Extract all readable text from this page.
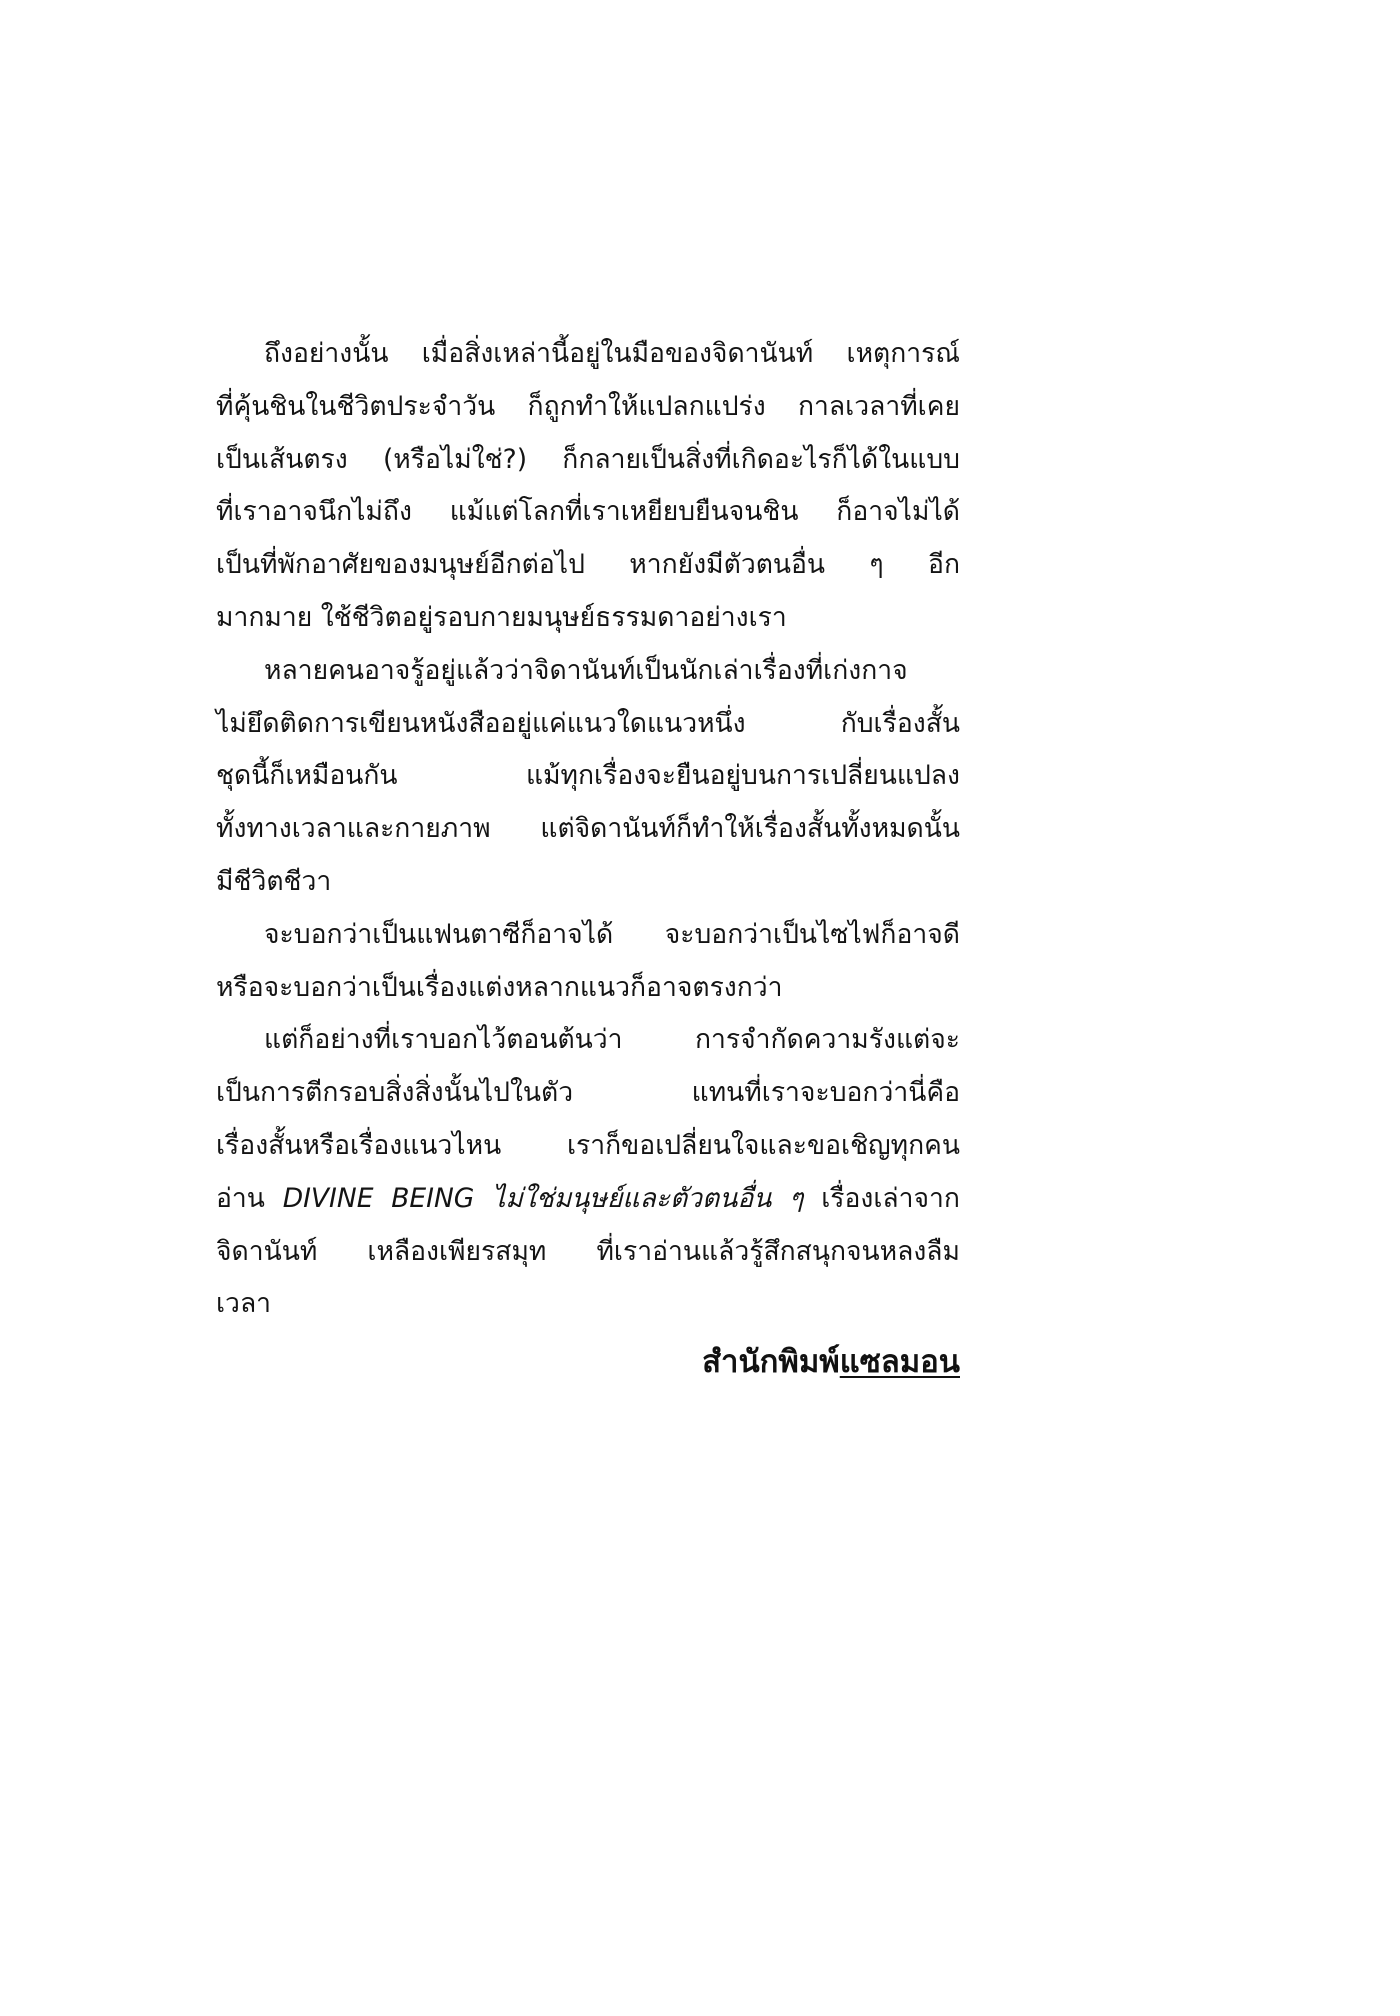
ถึงอย่างนั้น เมื่อสิ่งเหล่านี้อยู่ในมือของจิดานันท์ เหตุการณ์
ที่คุ้นชินในชีวิตประจำวัน ก็ถูกทำให้แปลกแปร่ง กาลเวลาที่เคย
เป็นเส้นตรง (หรือไม่ใช่?) ก็กลายเป็นสิ่งที่เกิดอะไรก็ได้ในแบบ
ที่เราอาจนึกไม่ถึง แม้แต่โลกที่เราเหยียบยืนจนชิน ก็อาจไม่ได้
เป็นที่พักอาศัยของมนุษย์อีกต่อไป หากยังมีตัวตนอื่น ๆ อีก
มากมาย ใช้ชีวิตอยู่รอบกายมนุษย์ธรรมดาอย่างเรา
หลายคนอาจรู้อยู่แล้วว่าจิดานันท์เป็นนักเล่าเรื่องที่เก่งกาจ
ไม่ยึดติดการเขียนหนังสืออยู่แค่แนวใดแนวหนึ่ง กับเรื่องสั้น
ชุดนี้ก็เหมือนกัน แม้ทุกเรื่องจะยืนอยู่บนการเปลี่ยนแปลง
ทั้งทางเวลาและกายภาพ แต่จิดานันท์ก็ทำให้เรื่องสั้นทั้งหมดนั้น
มีชีวิตชีวา
จะบอกว่าเป็นแฟนตาซีก็อาจได้ จะบอกว่าเป็นไซไฟก็อาจดี
หรือจะบอกว่าเป็นเรื่องแต่งหลากแนวก็อาจตรงกว่า
แต่ก็อย่างที่เราบอกไว้ตอนต้นว่า การจำกัดความรังแต่จะ
เป็นการตีกรอบสิ่งสิ่งนั้นไปในตัว แทนที่เราจะบอกว่านี่คือ
เรื่องสั้นหรือเรื่องแนวไหน เราก็ขอเปลี่ยนใจและขอเชิญทุกคน
อ่าน DIVINE BEING ไม่ใช่มนุษย์และตัวตนอื่น ๆ เรื่องเล่าจาก
จิดานันท์ เหลืองเพียรสมุท ที่เราอ่านแล้วรู้สึกสนุกจนหลงลืม
เวลา
สำนักพิมพ์แซลมอน
